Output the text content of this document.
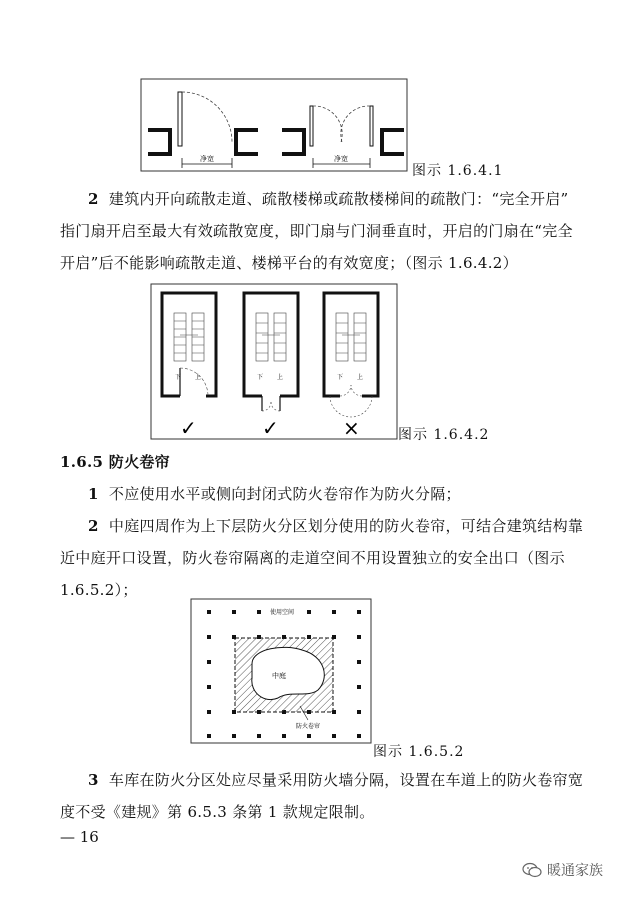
净宽	净宽
图示 1.6.4.1
2 建筑内开向疏散走道、疏散楼梯或疏散楼梯间的疏散门：“完全开启”
指门扇开启至最大有效疏散宽度，即门扇与门洞垂直时，开启的门扇在“完全
开启”后不能影响疏散走道、楼梯平台的有效宽度；（图示 1.6.4.2）
下 上	下 上	下 上
✓	✓	×	图示 1.6.4.2
1.6.5 防火卷帘
1 不应使用水平或侧向封闭式防火卷帘作为防火分隔；
2 中庭四周作为上下层防火分区划分使用的防火卷帘，可结合建筑结构靠
近中庭开口设置，防火卷帘隔离的走道空间不用设置独立的安全出口（图示
1.6.5.2）；
使用空间
中庭
防火卷帘
图示 1.6.5.2
3 车库在防火分区处应尽量采用防火墙分隔，设置在车道上的防火卷帘宽
度不受《建规》第 6.5.3 条第 1 款规定限制。
— 16
暖通家族
